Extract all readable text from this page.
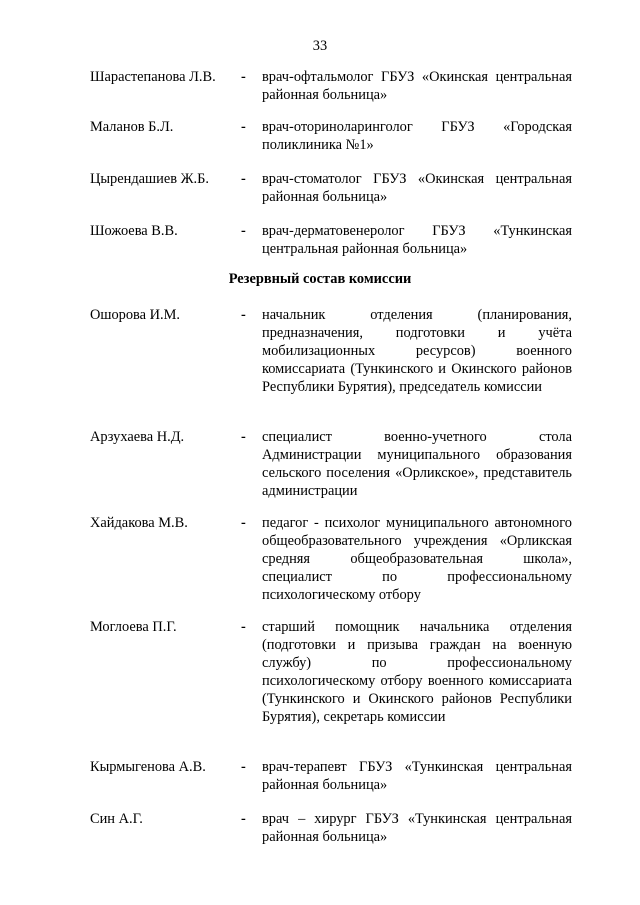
33
Шарастепанова Л.В. - врач-офтальмолог ГБУЗ «Окинская центральная районная больница»
Маланов Б.Л.	- врач-оториноларинголог ГБУЗ «Городская поликлиника №1»
Цырендашиев Ж.Б. - врач-стоматолог ГБУЗ «Окинская центральная районная больница»
Шожоева В.В.	- врач-дерматовенеролог ГБУЗ «Тункинская центральная районная больница»
Резервный состав комиссии
Ошорова И.М.	- начальник отделения (планирования, предназначения, подготовки и учёта мобилизационных ресурсов) военного комиссариата (Тункинского и Окинского районов Республики Бурятия), председатель комиссии
Арзухаева Н.Д.	- специалист военно-учетного стола Администрации муниципального образования сельского поселения «Орликское», представитель администрации
Хайдакова М.В.	- педагог - психолог муниципального автономного общеобразовательного учреждения «Орликская средняя общеобразовательная школа», специалист по профессиональному психологическому отбору
Моглоева П.Г.	- старший помощник начальника отделения (подготовки и призыва граждан на военную службу) по профессиональному психологическому отбору военного комиссариата (Тункинского и Окинского районов Республики Бурятия), секретарь комиссии
Кырмыгенова А.В. - врач-терапевт ГБУЗ «Тункинская центральная районная больница»
Син А.Г.	- врач – хирург ГБУЗ «Тункинская центральная районная больница»
